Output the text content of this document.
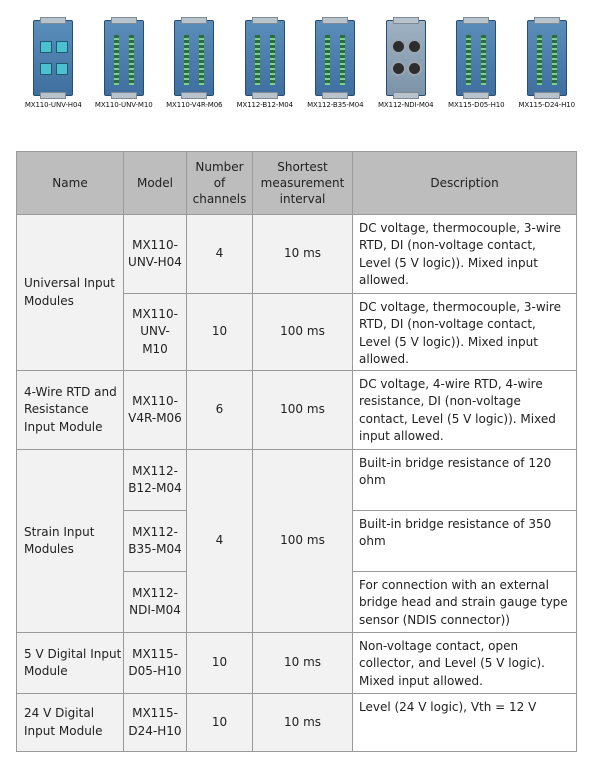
MX110-UNV-H04 MX110-UNV-M10 MX110-V4R-M06 MX112-B12-M04 MX112-B35-M04 MX112-NDI-M04 MX115-D05-H10 MX115-D24-H10
Name	Model	Number of channels	Shortest measurement interval	Description
Universal Input Modules	MX110-UNV-H04	4	10 ms	DC voltage, thermocouple, 3-wire RTD, DI (non-voltage contact, Level (5 V logic)). Mixed input allowed.
	MX110-UNV-M10	10	100 ms	DC voltage, thermocouple, 3-wire RTD, DI (non-voltage contact, Level (5 V logic)). Mixed input allowed.
4-Wire RTD and Resistance Input Module	MX110-V4R-M06	6	100 ms	DC voltage, 4-wire RTD, 4-wire resistance, DI (non-voltage contact, Level (5 V logic)). Mixed input allowed.
Strain Input Modules	MX112-B12-M04	4	100 ms	Built-in bridge resistance of 120 ohm
	MX112-B35-M04			Built-in bridge resistance of 350 ohm
	MX112-NDI-M04			For connection with an external bridge head and strain gauge type sensor (NDIS connector))
5 V Digital Input Module	MX115-D05-H10	10	10 ms	Non-voltage contact, open collector, and Level (5 V logic). Mixed input allowed.
24 V Digital Input Module	MX115-D24-H10	10	10 ms	Level (24 V logic), Vth = 12 V
